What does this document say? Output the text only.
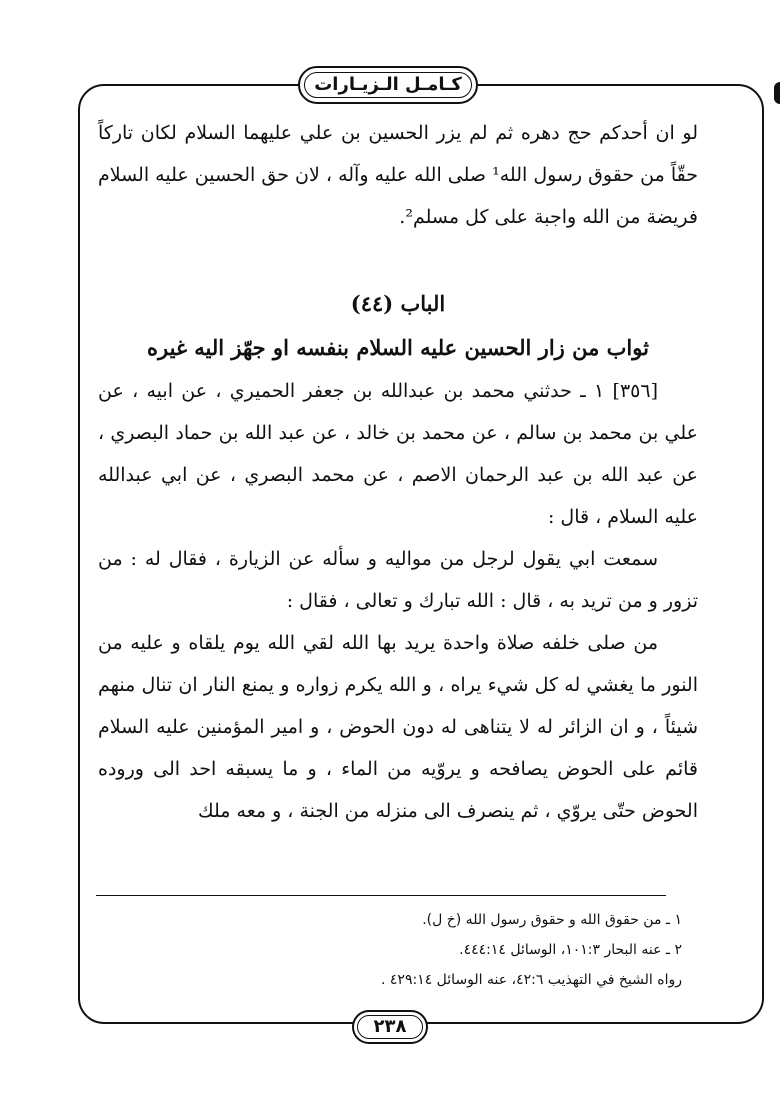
كـامـل الـزيـارات

لو ان أحدكم حج دهره ثم لم يزر الحسين بن علي عليهما السلام لكان تاركاً حقّاً من حقوق رسول الله¹ صلى الله عليه وآله ، لان حق الحسين عليه السلام فريضة من الله واجبة على كل مسلم².

الباب (٤٤)
ثواب من زار الحسين عليه السلام بنفسه او جهّز اليه غيره

[٣٥٦] ١ ـ حدثني محمد بن عبدالله بن جعفر الحميري ، عن ابيه ، عن علي بن محمد بن سالم ، عن محمد بن خالد ، عن عبد الله بن حماد البصري ، عن عبد الله بن عبد الرحمان الاصم ، عن محمد البصري ، عن ابي عبدالله عليه السلام ، قال :

سمعت ابي يقول لرجل من مواليه و سأله عن الزيارة ، فقال له : من تزور و من تريد به ، قال : الله تبارك و تعالى ، فقال :

من صلى خلفه صلاة واحدة يريد بها الله لقي الله يوم يلقاه و عليه من النور ما يغشي له كل شيء يراه ، و الله يكرم زواره و يمنع النار ان تنال منهم شيئاً ، و ان الزائر له لا يتناهى له دون الحوض ، و امير المؤمنين عليه السلام قائم على الحوض يصافحه و يروّيه من الماء ، و ما يسبقه احد الى وروده الحوض حتّى يروّي ، ثم ينصرف الى منزله من الجنة ، و معه ملك

١ ـ من حقوق الله و حقوق رسول الله (خ ل).
٢ ـ عنه البحار ١٠١:٣، الوسائل ٤٤٤:١٤.
رواه الشيخ في التهذيب ٤٢:٦، عنه الوسائل ٤٢٩:١٤ .
٢٣٨
